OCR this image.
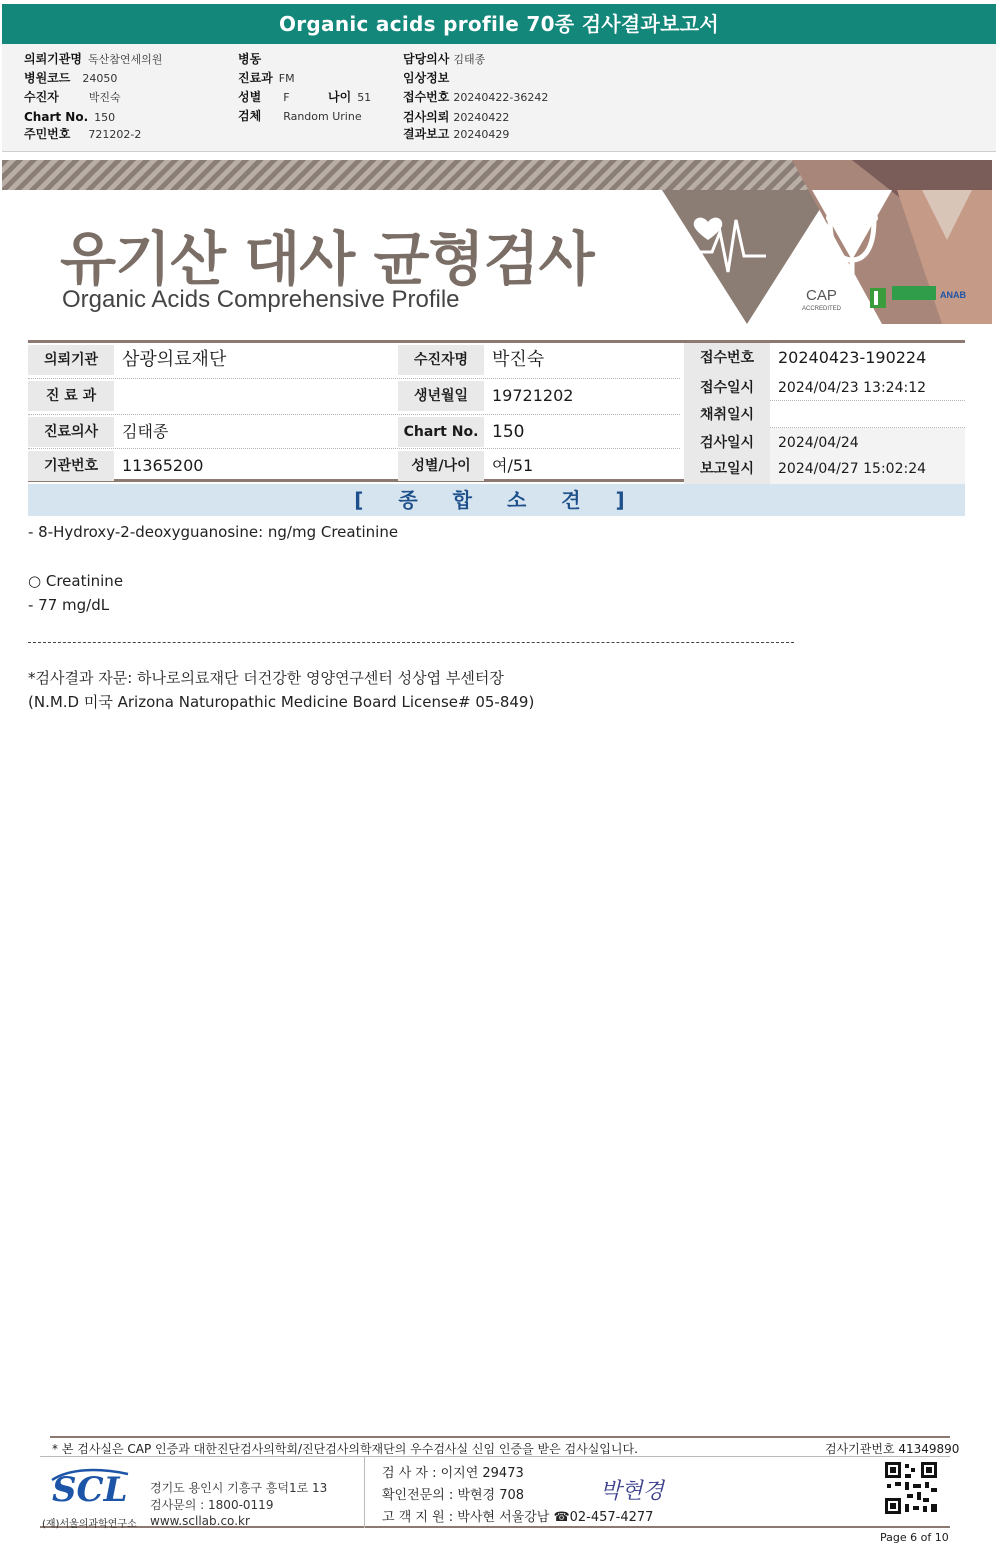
Organic acids profile 70종 검사결과보고서
의뢰기관명 독산참연세의원
병원코드 24050
수진자	박진숙
Chart No. 150
주민번호 721202-2
병동
진료과 FM
성별 F	나이 51
검체 Random Urine
담당의사 김태종
임상정보
접수번호 20240422-36242
검사의뢰 20240422
결과보고 20240429
CAP
ACCREDITED
ANAB
유기산 대사 균형검사
Organic Acids Comprehensive Profile
의뢰기관	삼광의료재단
진 료 과
진료의사	김태종
기관번호	11365200
수진자명	박진숙
생년월일	19721202
Chart No. 150
성별/나이	여/51
접수번호	20240423-190224
접수일시	2024/04/23 13:24:12
채취일시
검사일시	2024/04/24
보고일시	2024/04/27 15:02:24
[ 종 합 소 견 ]
- 8-Hydroxy-2-deoxyguanosine: ng/mg Creatinine
○ Creatinine
- 77 mg/dL
*검사결과 자문: 하나로의료재단 더건강한 영양연구센터 성상엽 부센터장
(N.M.D 미국 Arizona Naturopathic Medicine Board License# 05-849)
* 본 검사실은 CAP 인증과 대한진단검사의학회/진단검사의학재단의 우수검사실 신임 인증을 받은 검사실입니다.	검사기관번호 41349890
SCL
(재)서울의과학연구소
경기도 용인시 기흥구 흥덕1로 13
검사문의 : 1800-0119
www.scllab.co.kr
검 사 자 : 이지연 29473
확인전문의 : 박현경 708
고 객 지 원 : 박사현 서울강남 ☎02-457-4277
박현경
Page 6 of 10
